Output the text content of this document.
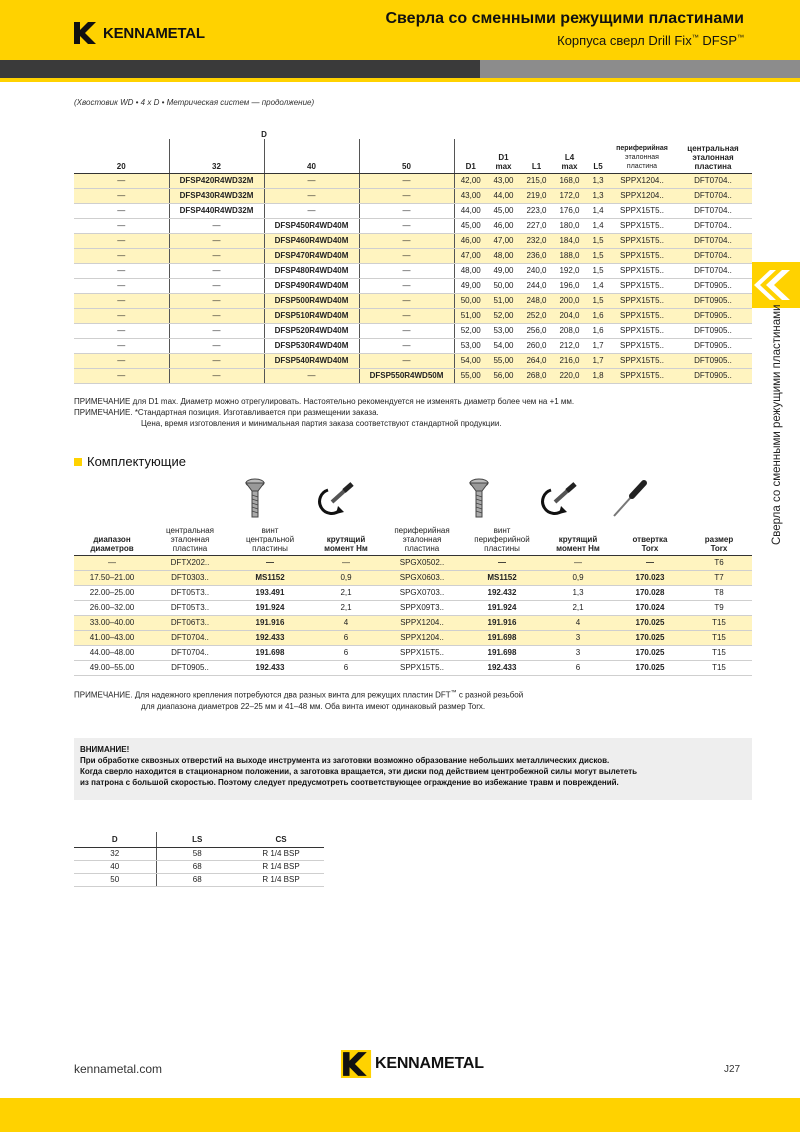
KENNAMETAL
Сверла со сменными режущими пластинами
Корпуса сверл Drill Fix™ DFSP™
Сверла со сменными режущими пластинами
(Хвостовик WD • 4 x D • Метрическая систем — продолжение)
D										
20	32	40	50	D1	D1
max	L1	L4
max	L5	периферийная
эталонная
пластина	центральная
эталонная
пластина
—	DFSP420R4WD32M	—	—	42,00	43,00	215,0	168,0	1,3	SPPX1204..	DFT0704..
—	DFSP430R4WD32M	—	—	43,00	44,00	219,0	172,0	1,3	SPPX1204..	DFT0704..
—	DFSP440R4WD32M	—	—	44,00	45,00	223,0	176,0	1,4	SPPX15T5..	DFT0704..
—	—	DFSP450R4WD40M	—	45,00	46,00	227,0	180,0	1,4	SPPX15T5..	DFT0704..
—	—	DFSP460R4WD40M	—	46,00	47,00	232,0	184,0	1,5	SPPX15T5..	DFT0704..
—	—	DFSP470R4WD40M	—	47,00	48,00	236,0	188,0	1,5	SPPX15T5..	DFT0704..
—	—	DFSP480R4WD40M	—	48,00	49,00	240,0	192,0	1,5	SPPX15T5..	DFT0704..
—	—	DFSP490R4WD40M	—	49,00	50,00	244,0	196,0	1,4	SPPX15T5..	DFT0905..
—	—	DFSP500R4WD40M	—	50,00	51,00	248,0	200,0	1,5	SPPX15T5..	DFT0905..
—	—	DFSP510R4WD40M	—	51,00	52,00	252,0	204,0	1,6	SPPX15T5..	DFT0905..
—	—	DFSP520R4WD40M	—	52,00	53,00	256,0	208,0	1,6	SPPX15T5..	DFT0905..
—	—	DFSP530R4WD40M	—	53,00	54,00	260,0	212,0	1,7	SPPX15T5..	DFT0905..
—	—	DFSP540R4WD40M	—	54,00	55,00	264,0	216,0	1,7	SPPX15T5..	DFT0905..
—	—	—	DFSP550R4WD50M	55,00	56,00	268,0	220,0	1,8	SPPX15T5..	DFT0905..
ПРИМЕЧАНИЕ для D1 max. Диаметр можно отрегулировать. Настоятельно рекомендуется не изменять диаметр более чем на +1 мм.
ПРИМЕЧАНИЕ. *Стандартная позиция. Изготавливается при размещении заказа.
Цена, время изготовления и минимальная партия заказа соответствуют стандартной продукции.
Комплектующие
диапазон
диаметров	центральная
эталонная
пластина	винт
центральной
пластины	крутящий
момент Нм	периферийная
эталонная
пластина	винт
периферийной
пластины	крутящий
момент Нм	отвертка
Torx	размер
Torx
—	DFTX202..	—	—	SPGX0502..	—	—	—	T6
17.50–21.00	DFT0303..	MS1152	0,9	SPGX0603..	MS1152	0,9	170.023	T7
22.00–25.00	DFT05T3..	193.491	2,1	SPGX0703..	192.432	1,3	170.028	T8
26.00–32.00	DFT05T3..	191.924	2,1	SPPX09T3..	191.924	2,1	170.024	T9
33.00–40.00	DFT06T3..	191.916	4	SPPX1204..	191.916	4	170.025	T15
41.00–43.00	DFT0704..	192.433	6	SPPX1204..	191.698	3	170.025	T15
44.00–48.00	DFT0704..	191.698	6	SPPX15T5..	191.698	3	170.025	T15
49.00–55.00	DFT0905..	192.433	6	SPPX15T5..	192.433	6	170.025	T15
ПРИМЕЧАНИЕ. Для надежного крепления потребуются два разных винта для режущих пластин DFT™ с разной резьбой
для диапазона диаметров 22–25 мм и 41–48 мм. Оба винта имеют одинаковый размер Torx.
ВНИМАНИЕ!
При обработке сквозных отверстий на выходе инструмента из заготовки возможно образование небольших металлических дисков.
Когда сверло находится в стационарном положении, а заготовка вращается, эти диски под действием центробежной силы могут вылететь
из патрона с большой скоростью. Поэтому следует предусмотреть соответствующее ограждение во избежание травм и повреждений.
D	LS	CS
32	58	R 1/4 BSP
40	68	R 1/4 BSP
50	68	R 1/4 BSP
kennametal.com	KENNAMETAL	J27
